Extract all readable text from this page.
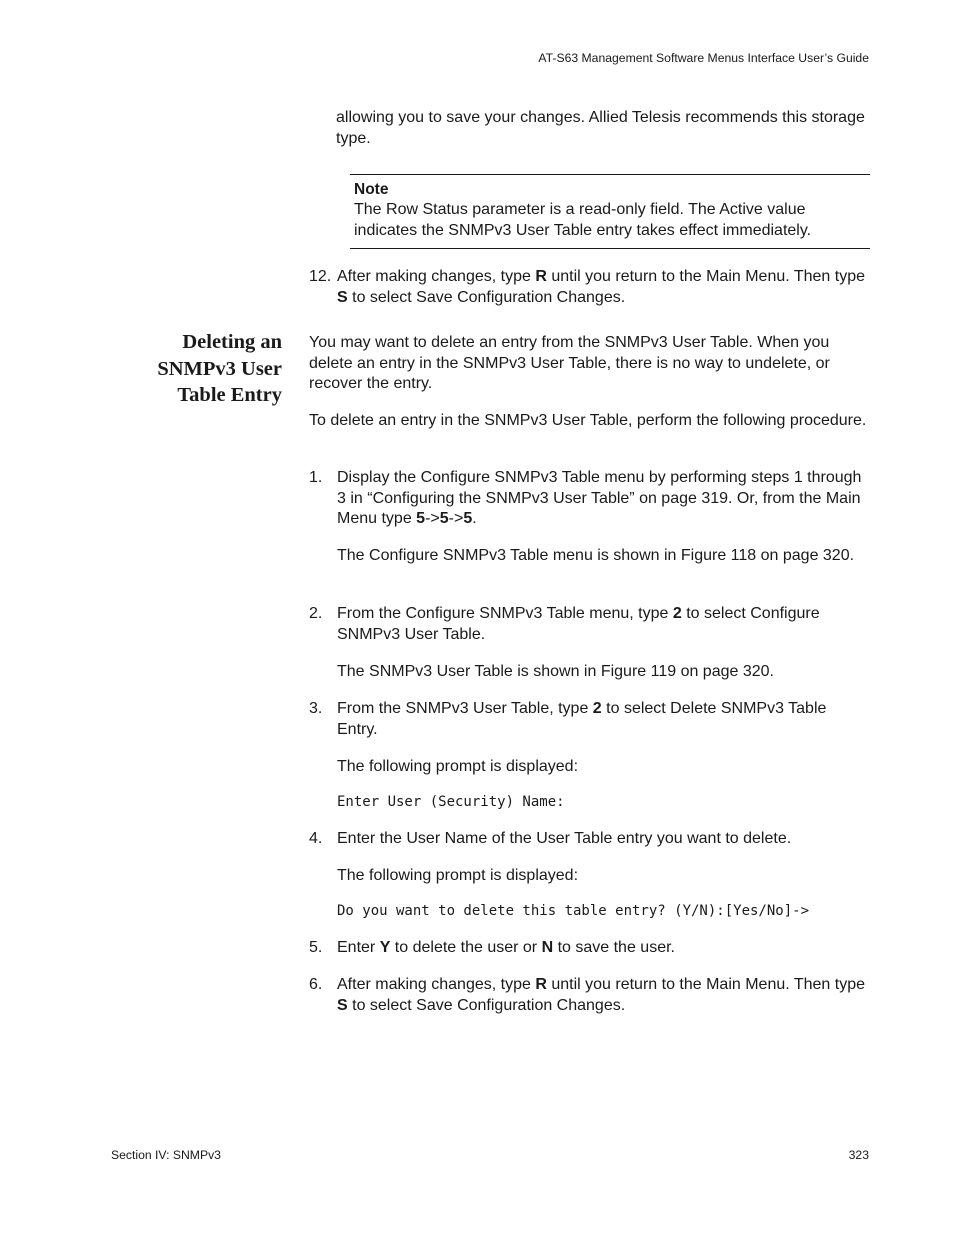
AT-S63 Management Software Menus Interface User’s Guide
allowing you to save your changes. Allied Telesis recommends this storage type.
Note
The Row Status parameter is a read-only field. The Active value indicates the SNMPv3 User Table entry takes effect immediately.
12. After making changes, type R until you return to the Main Menu. Then type S to select Save Configuration Changes.
Deleting an
SNMPv3 User
Table Entry
You may want to delete an entry from the SNMPv3 User Table. When you delete an entry in the SNMPv3 User Table, there is no way to undelete, or recover the entry.
To delete an entry in the SNMPv3 User Table, perform the following procedure.
1. Display the Configure SNMPv3 Table menu by performing steps 1 through 3 in “Configuring the SNMPv3 User Table” on page 319. Or, from the Main Menu type 5->5->5.
The Configure SNMPv3 Table menu is shown in Figure 118 on page 320.
2. From the Configure SNMPv3 Table menu, type 2 to select Configure SNMPv3 User Table.
The SNMPv3 User Table is shown in Figure 119 on page 320.
3. From the SNMPv3 User Table, type 2 to select Delete SNMPv3 Table Entry.
The following prompt is displayed:
Enter User (Security) Name:
4. Enter the User Name of the User Table entry you want to delete.
The following prompt is displayed:
Do you want to delete this table entry? (Y/N):[Yes/No]->
5. Enter Y to delete the user or N to save the user.
6. After making changes, type R until you return to the Main Menu. Then type S to select Save Configuration Changes.
Section IV: SNMPv3	323
